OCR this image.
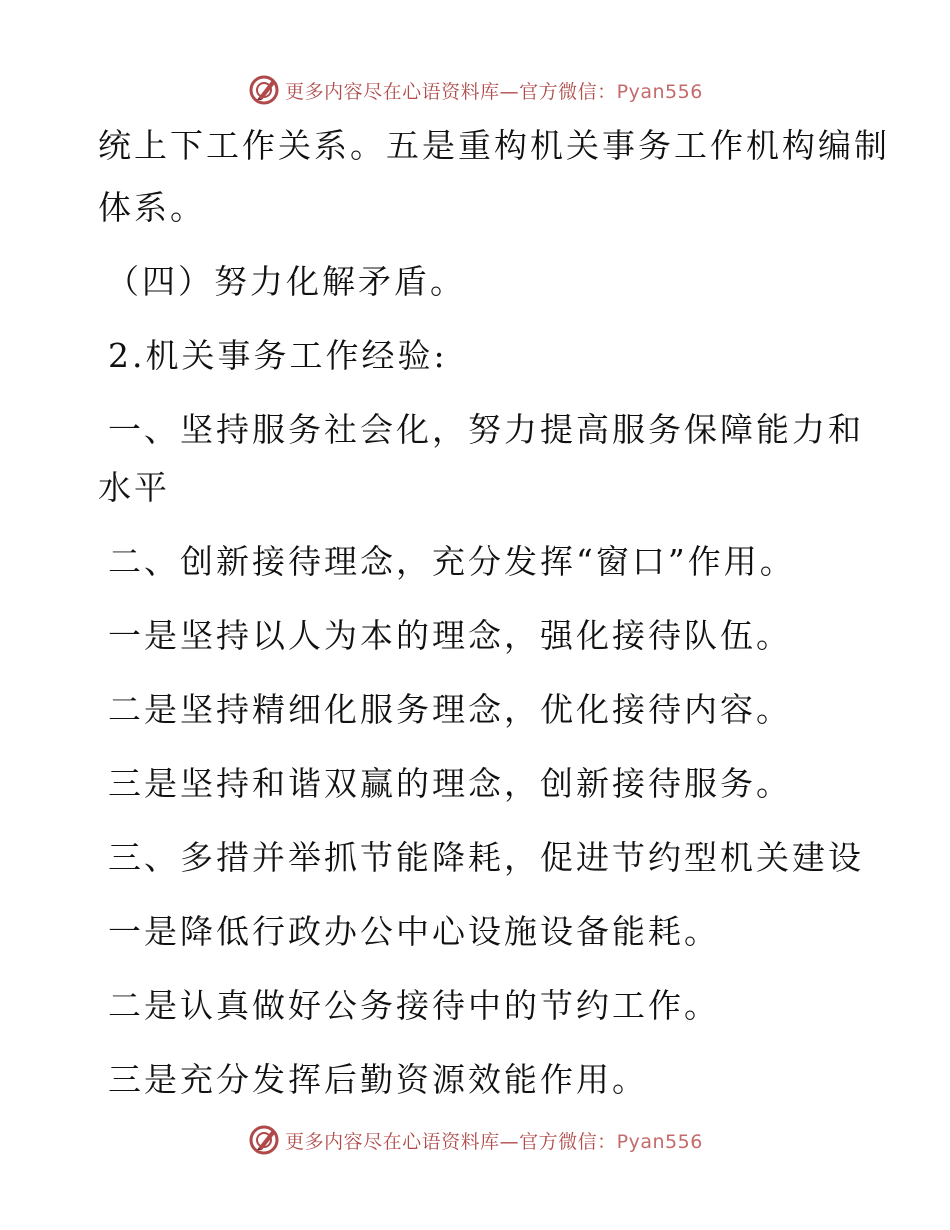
更多内容尽在心语资料库—官方微信：Pyan556
统上下工作关系。五是重构机关事务工作机构编制
体系。
（四）努力化解矛盾。
2.机关事务工作经验:
一、坚持服务社会化，努力提高服务保障能力和
水平
二、创新接待理念，充分发挥“窗口”作用。
一是坚持以人为本的理念，强化接待队伍。
二是坚持精细化服务理念，优化接待内容。
三是坚持和谐双赢的理念，创新接待服务。
三、多措并举抓节能降耗，促进节约型机关建设
一是降低行政办公中心设施设备能耗。
二是认真做好公务接待中的节约工作。
三是充分发挥后勤资源效能作用。
更多内容尽在心语资料库—官方微信：Pyan556
